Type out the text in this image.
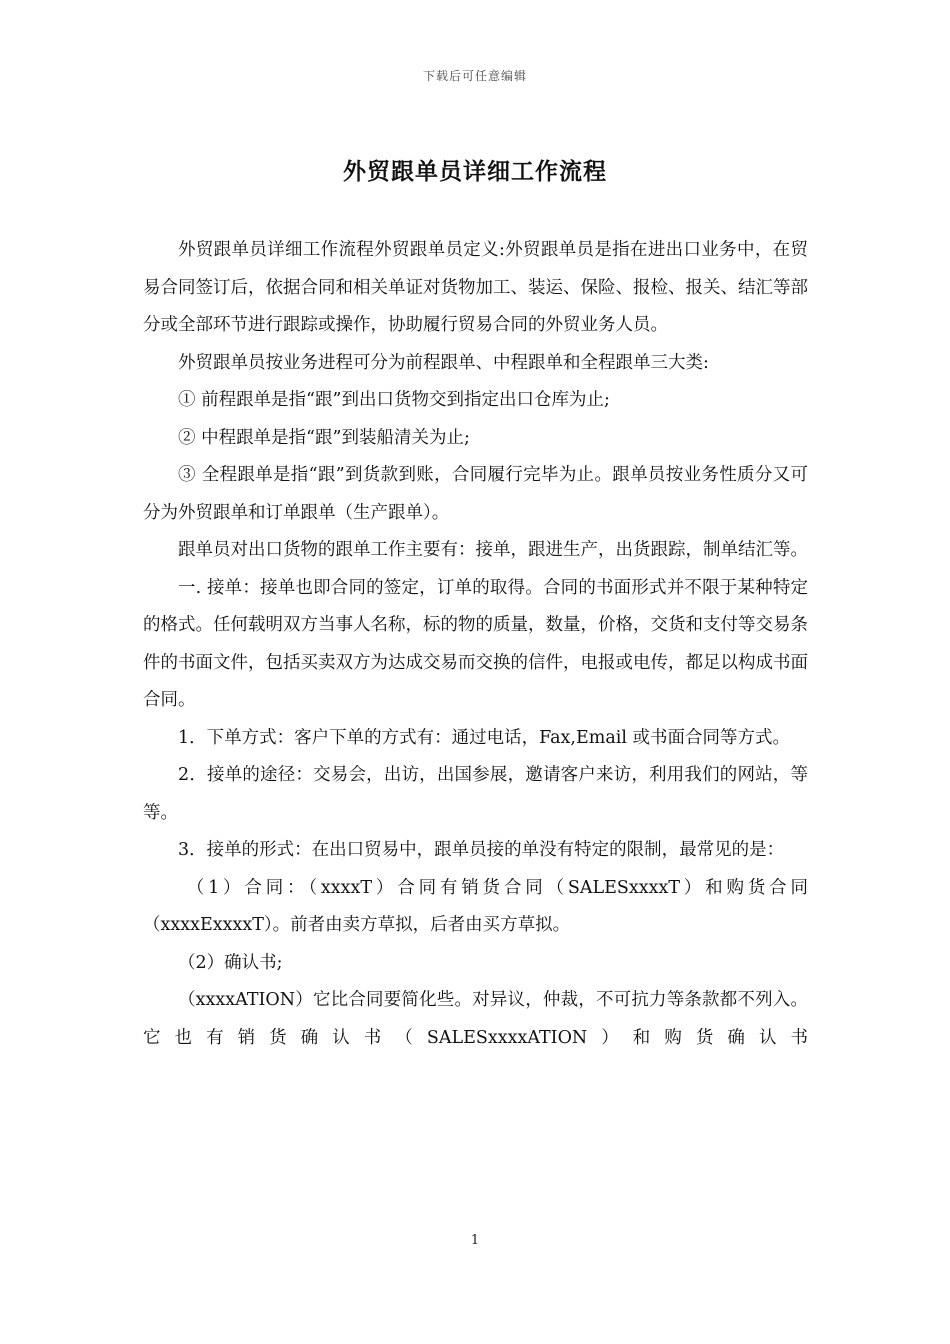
下载后可任意编辑
外贸跟单员详细工作流程

外贸跟单员详细工作流程外贸跟单员定义:外贸跟单员是指在进出口业务中，在贸易合同签订后，依据合同和相关单证对货物加工、装运、保险、报检、报关、结汇等部分或全部环节进行跟踪或操作，协助履行贸易合同的外贸业务人员。

外贸跟单员按业务进程可分为前程跟单、中程跟单和全程跟单三大类:

① 前程跟单是指“跟”到出口货物交到指定出口仓库为止;

② 中程跟单是指“跟”到装船清关为止;

③ 全程跟单是指“跟”到货款到账，合同履行完毕为止。跟单员按业务性质分又可分为外贸跟单和订单跟单（生产跟单）。

跟单员对出口货物的跟单工作主要有：接单，跟进生产，出货跟踪，制单结汇等。

一. 接单：接单也即合同的签定，订单的取得。合同的书面形式并不限于某种特定的格式。任何载明双方当事人名称，标的物的质量，数量，价格，交货和支付等交易条件的书面文件，包括买卖双方为达成交易而交换的信件，电报或电传，都足以构成书面合同。

1．下单方式：客户下单的方式有：通过电话，Fax,Email 或书面合同等方式。

2．接单的途径：交易会，出访，出国参展，邀请客户来访，利用我们的网站，等等。

3．接单的形式：在出口贸易中，跟单员接的单没有特定的限制，最常见的是：

（1）合同：（xxxxT）合同有销货合同（SALESxxxxT）和购货合同（xxxxExxxxT）。前者由卖方草拟，后者由买方草拟。

（2）确认书;

（xxxxATION）它比合同要简化些。对异议，仲裁，不可抗力等条款都不列入。它也有销货确认书（SALESxxxxATION）和购货确认书

1
